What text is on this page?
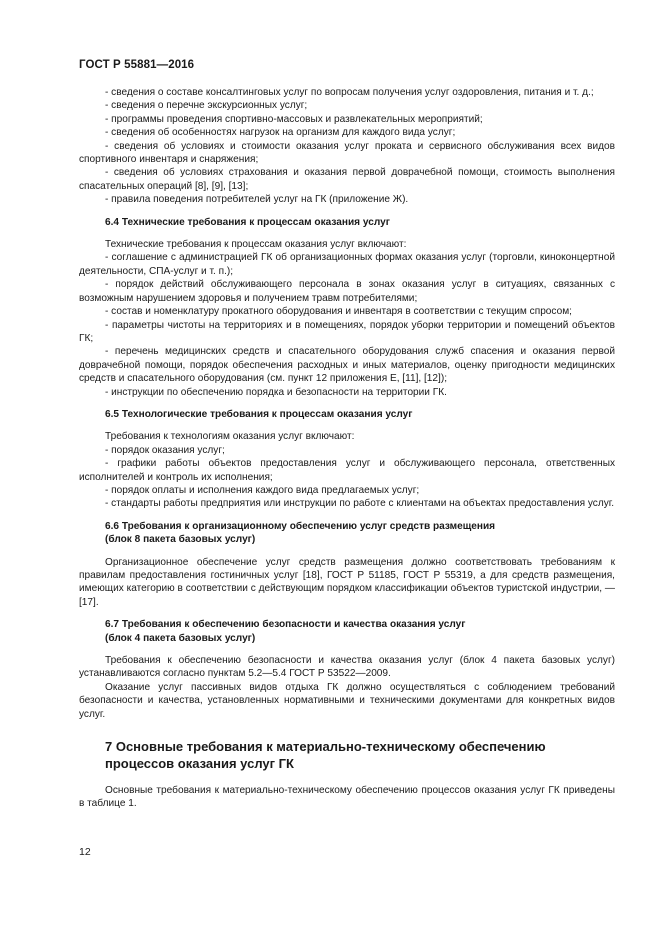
ГОСТ Р 55881—2016

- сведения о составе консалтинговых услуг по вопросам получения услуг оздоровления, питания и т. д.;

- сведения о перечне экскурсионных услуг;

- программы проведения спортивно-массовых и развлекательных мероприятий;

- сведения об особенностях нагрузок на организм для каждого вида услуг;

- сведения об условиях и стоимости оказания услуг проката и сервисного обслуживания всех видов спортивного инвентаря и снаряжения;

- сведения об условиях страхования и оказания первой доврачебной помощи, стоимость выполнения спасательных операций [8], [9], [13];

- правила поведения потребителей услуг на ГК (приложение Ж).

6.4 Технические требования к процессам оказания услуг

Технические требования к процессам оказания услуг включают:

- соглашение с администрацией ГК об организационных формах оказания услуг (торговли, киноконцертной деятельности, СПА-услуг и т. п.);

- порядок действий обслуживающего персонала в зонах оказания услуг в ситуациях, связанных с возможным нарушением здоровья и получением травм потребителями;

- состав и номенклатуру прокатного оборудования и инвентаря в соответствии с текущим спросом;

- параметры чистоты на территориях и в помещениях, порядок уборки территории и помещений объектов ГК;

- перечень медицинских средств и спасательного оборудования служб спасения и оказания первой доврачебной помощи, порядок обеспечения расходных и иных материалов, оценку пригодности медицинских средств и спасательного оборудования (см. пункт 12 приложения Е, [11], [12]);

- инструкции по обеспечению порядка и безопасности на территории ГК.

6.5 Технологические требования к процессам оказания услуг

Требования к технологиям оказания услуг включают:

- порядок оказания услуг;

- графики работы объектов предоставления услуг и обслуживающего персонала, ответственных исполнителей и контроль их исполнения;

- порядок оплаты и исполнения каждого вида предлагаемых услуг;

- стандарты работы предприятия или инструкции по работе с клиентами на объектах предоставления услуг.

6.6 Требования к организационному обеспечению услуг средств размещения
(блок 8 пакета базовых услуг)

Организационное обеспечение услуг средств размещения должно соответствовать требованиям к правилам предоставления гостиничных услуг [18], ГОСТ Р 51185, ГОСТ Р 55319, а для средств размещения, имеющих категорию в соответствии с действующим порядком классификации объектов туристской индустрии, — [17].

6.7 Требования к обеспечению безопасности и качества оказания услуг
(блок 4 пакета базовых услуг)

Требования к обеспечению безопасности и качества оказания услуг (блок 4 пакета базовых услуг) устанавливаются согласно пунктам 5.2—5.4 ГОСТ Р 53522—2009.

Оказание услуг пассивных видов отдыха ГК должно осуществляться с соблюдением требований безопасности и качества, установленных нормативными и техническими документами для конкретных видов услуг.

7 Основные требования к материально-техническому обеспечению процессов оказания услуг ГК

Основные требования к материально-техническому обеспечению процессов оказания услуг ГК приведены в таблице 1.

12
